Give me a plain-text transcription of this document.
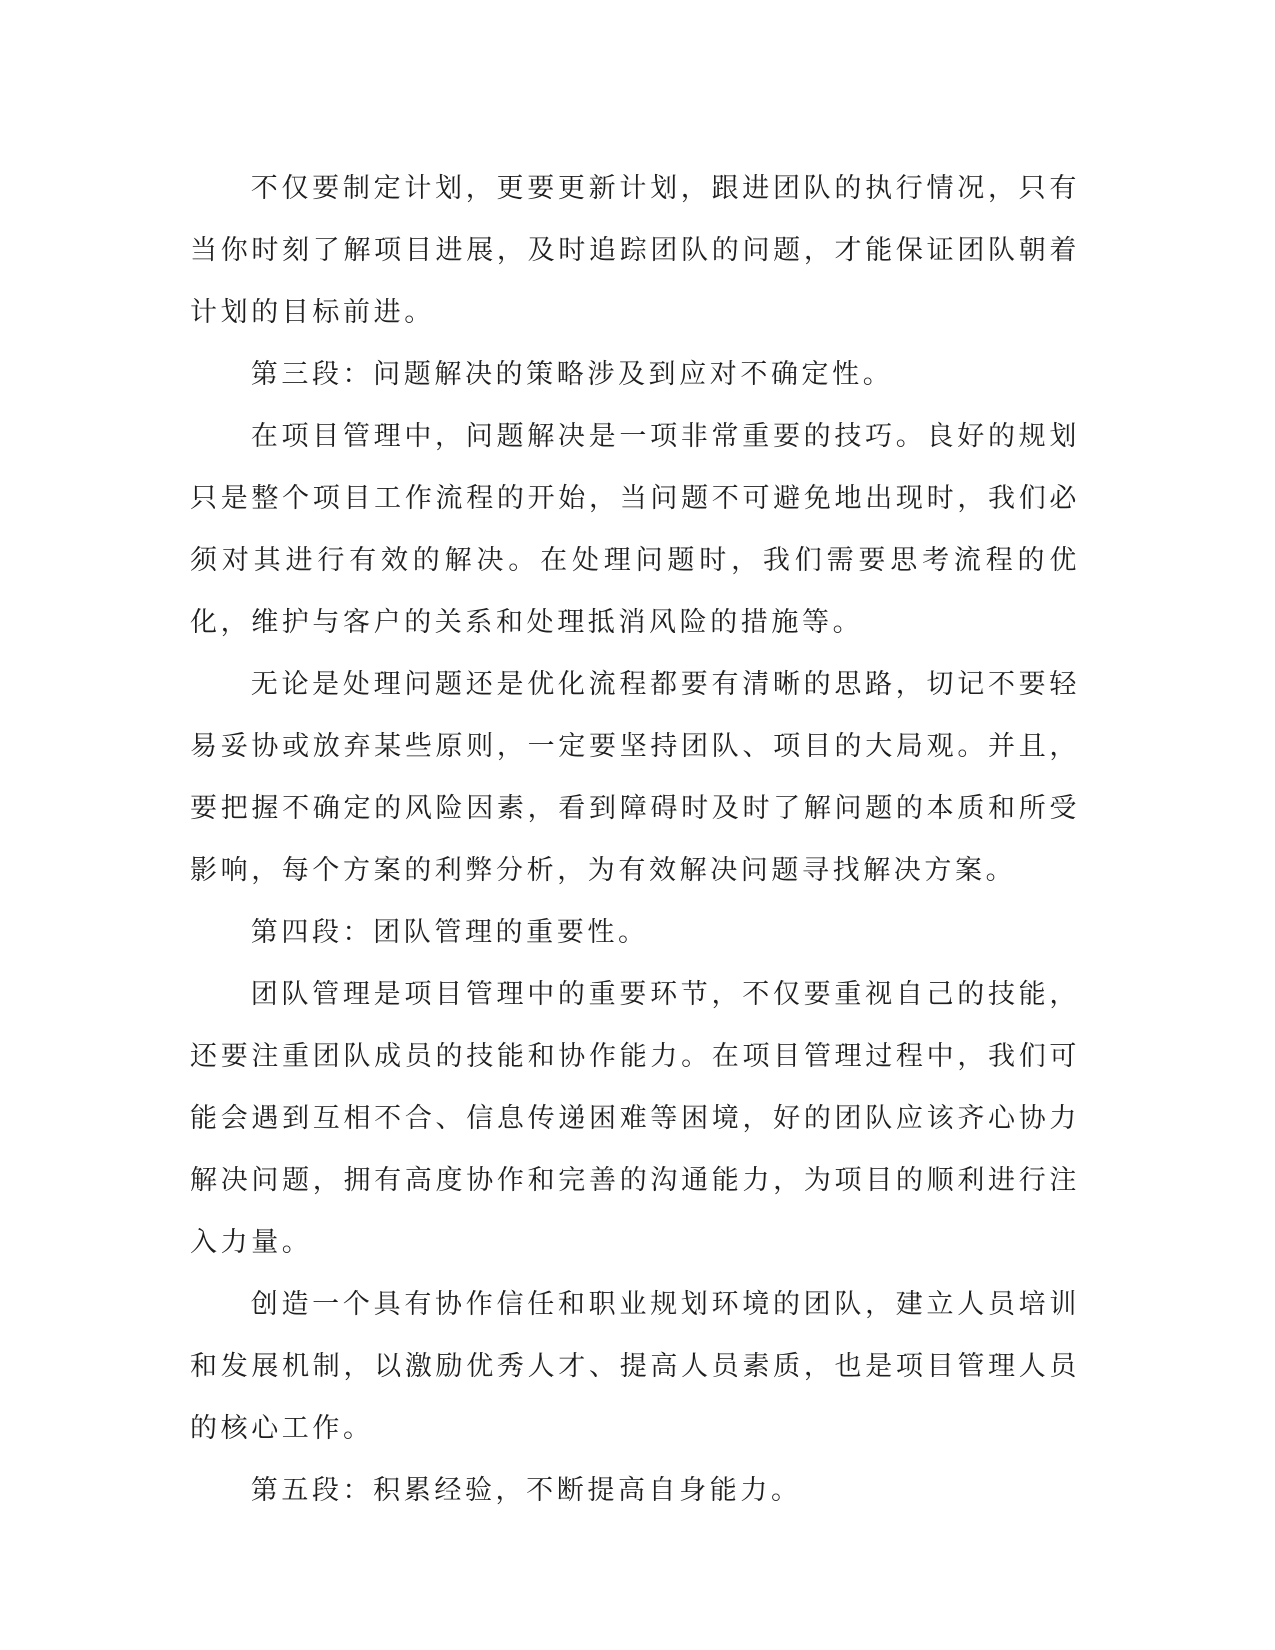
不仅要制定计划，更要更新计划，跟进团队的执行情况，只有当你时刻了解项目进展，及时追踪团队的问题，才能保证团队朝着计划的目标前进。

第三段：问题解决的策略涉及到应对不确定性。

在项目管理中，问题解决是一项非常重要的技巧。良好的规划只是整个项目工作流程的开始，当问题不可避免地出现时，我们必须对其进行有效的解决。在处理问题时，我们需要思考流程的优化，维护与客户的关系和处理抵消风险的措施等。

无论是处理问题还是优化流程都要有清晰的思路，切记不要轻易妥协或放弃某些原则，一定要坚持团队、项目的大局观。并且，要把握不确定的风险因素，看到障碍时及时了解问题的本质和所受影响，每个方案的利弊分析，为有效解决问题寻找解决方案。

第四段：团队管理的重要性。

团队管理是项目管理中的重要环节，不仅要重视自己的技能，还要注重团队成员的技能和协作能力。在项目管理过程中，我们可能会遇到互相不合、信息传递困难等困境，好的团队应该齐心协力解决问题，拥有高度协作和完善的沟通能力，为项目的顺利进行注入力量。

创造一个具有协作信任和职业规划环境的团队，建立人员培训和发展机制，以激励优秀人才、提高人员素质，也是项目管理人员的核心工作。

第五段：积累经验，不断提高自身能力。
